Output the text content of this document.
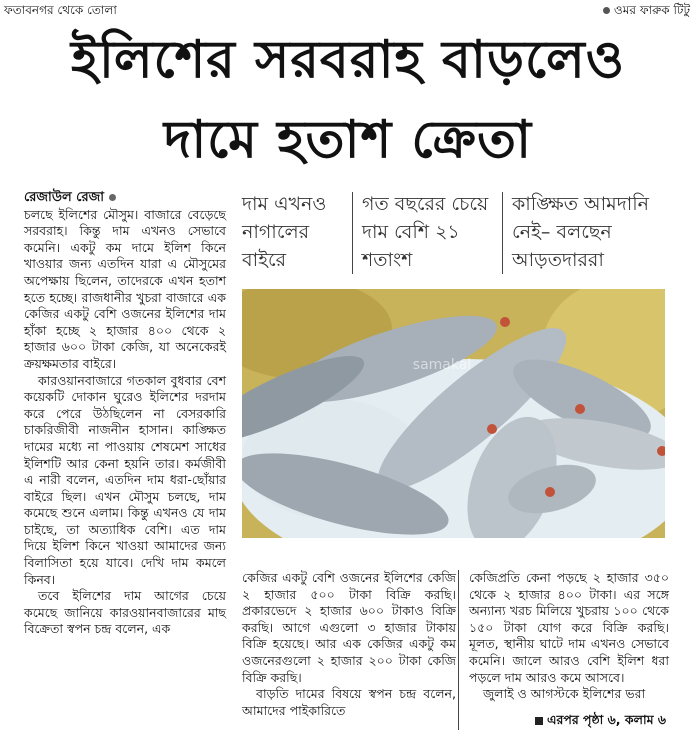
ফতাবনগর থেকে তোলা	ওমর ফারুক টিটু
ইলিশের সরবরাহ বাড়লেও
দামে হতাশ ক্রেতা

রেজাউল রেজা

চলছে ইলিশের মৌসুম। বাজারে বেড়েছে সরবরাহ। কিন্তু দাম এখনও সেভাবে কমেনি। একটু কম দামে ইলিশ কিনে খাওয়ার জন্য এতদিন যারা এ মৌসুমের অপেক্ষায় ছিলেন, তাদেরকে এখন হতাশ হতে হচ্ছে। রাজধানীর খুচরা বাজারে এক কেজির একটু বেশি ওজনের ইলিশের দাম হাঁকা হচ্ছে ২ হাজার ৪০০ থেকে ২ হাজার ৬০০ টাকা কেজি, যা অনেকেরই ক্রয়ক্ষমতার বাইরে।

কারওয়ানবাজারে গতকাল বুধবার বেশ কয়েকটি দোকান ঘুরেও ইলিশের দরদাম করে পেরে উঠছিলেন না বেসরকারি চাকরিজীবী নাজনীন হাসান। কাঙ্ক্ষিত দামের মধ্যে না পাওয়ায় শেষমেশ সাধের ইলিশটি আর কেনা হয়নি তার। কর্মজীবী এ নারী বলেন, এতদিন দাম ধরা-ছোঁয়ার বাইরে ছিল। এখন মৌসুম চলছে, দাম কমেছে শুনে এলাম। কিন্তু এখনও যে দাম চাইছে, তা অত্যাধিক বেশি। এত দাম দিয়ে ইলিশ কিনে খাওয়া আমাদের জন্য বিলাসিতা হয়ে যাবে। দেখি দাম কমলে কিনব।

তবে ইলিশের দাম আগের চেয়ে কমেছে জানিয়ে কারওয়ানবাজারের মাছ বিক্রেতা স্বপন চন্দ্র বলেন, এক

দাম এখনও নাগালের বাইরে
গত বছরের চেয়ে দাম বেশি ২১ শতাংশ
কাঙ্ক্ষিত আমদানি নেই– বলছেন আড়তদাররা
samakal

কেজির একটু বেশি ওজনের ইলিশের কেজি ২ হাজার ৫০০ টাকা বিক্রি করছি। প্রকারভেদে ২ হাজার ৬০০ টাকাও বিক্রি করছি। আগে এগুলো ৩ হাজার টাকায় বিক্রি হয়েছে। আর এক কেজির একটু কম ওজনেরগুলো ২ হাজার ২০০ টাকা কেজি বিক্রি করছি।

বাড়তি দামের বিষয়ে স্বপন চন্দ্র বলেন, আমাদের পাইকারিতে

কেজিপ্রতি কেনা পড়ছে ২ হাজার ৩৫০ থেকে ২ হাজার ৪০০ টাকা। এর সঙ্গে অন্যান্য খরচ মিলিয়ে খুচরায় ১০০ থেকে ১৫০ টাকা যোগ করে বিক্রি করছি। মূলত, স্থানীয় ঘাটে দাম এখনও সেভাবে কমেনি। জালে আরও বেশি ইলিশ ধরা পড়লে দাম আরও কমে আসবে।

জুলাই ও আগস্টকে ইলিশের ভরা

এরপর পৃষ্ঠা ৬, কলাম ৬
